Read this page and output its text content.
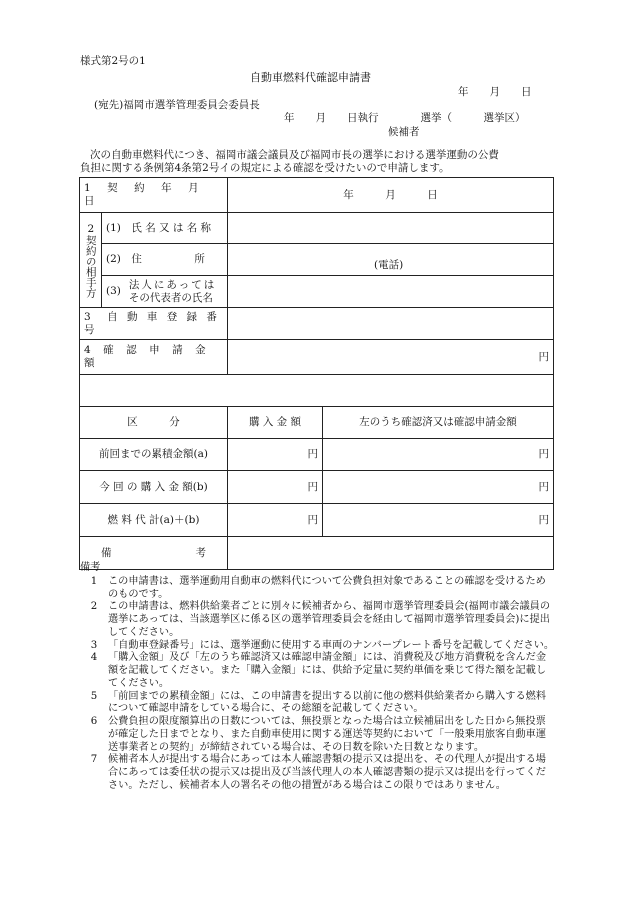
様式第2号の1
自動車燃料代確認申請書
年　　月　　日
(宛先)福岡市選挙管理委員会委員長
年　　月　　日執行　　　　選挙（　　　選挙区）
候補者
次の自動車燃料代につき、福岡市議会議員及び福岡市長の選挙における選挙運動の公費
負担に関する条例第4条第2号イの規定による確認を受けたいので申請します。
1　契　約　年　月　日		年　　　月　　　日	
2契約の相手方	(1)　氏 名 又 は 名 称		
	(2)　住　　　　　所	(電話)	

	(3)
法人にあっては
その代表者の氏名		

3　自 動 車 登 録 番 号			
4　確　認　申　請　金　額		円	

区　　　分		購 入 金 額	左のうち確認済又は確認申請金額
前回までの累積金額(a)		円	円
今 回 の 購 入 金 額(b)		円	円
燃 料 代 計(a)＋(b)		円	円
備　　　　　　　　考			
備考
1	この申請書は、選挙運動用自動車の燃料代について公費負担対象であることの確認を受けるためのものです。
2	この申請書は、燃料供給業者ごとに別々に候補者から、福岡市選挙管理委員会(福岡市議会議員の選挙にあっては、当該選挙区に係る区の選挙管理委員会を経由して福岡市選挙管理委員会)に提出してください。
3	「自動車登録番号」には、選挙運動に使用する車両のナンバープレート番号を記載してください。
4	「購入金額」及び「左のうち確認済又は確認申請金額」には、消費税及び地方消費税を含んだ金額を記載してください。また「購入金額」には、供給予定量に契約単価を乗じて得た額を記載してください。
5	「前回までの累積金額」には、この申請書を提出する以前に他の燃料供給業者から購入する燃料について確認申請をしている場合に、その総額を記載してください。
6	公費負担の限度額算出の日数については、無投票となった場合は立候補届出をした日から無投票が確定した日までとなり、また自動車使用に関する運送等契約において「一般乗用旅客自動車運送事業者との契約」が締結されている場合は、その日数を除いた日数となります。
7	候補者本人が提出する場合にあっては本人確認書類の提示又は提出を、その代理人が提出する場合にあっては委任状の提示又は提出及び当該代理人の本人確認書類の提示又は提出を行ってください。ただし、候補者本人の署名その他の措置がある場合はこの限りではありません。
